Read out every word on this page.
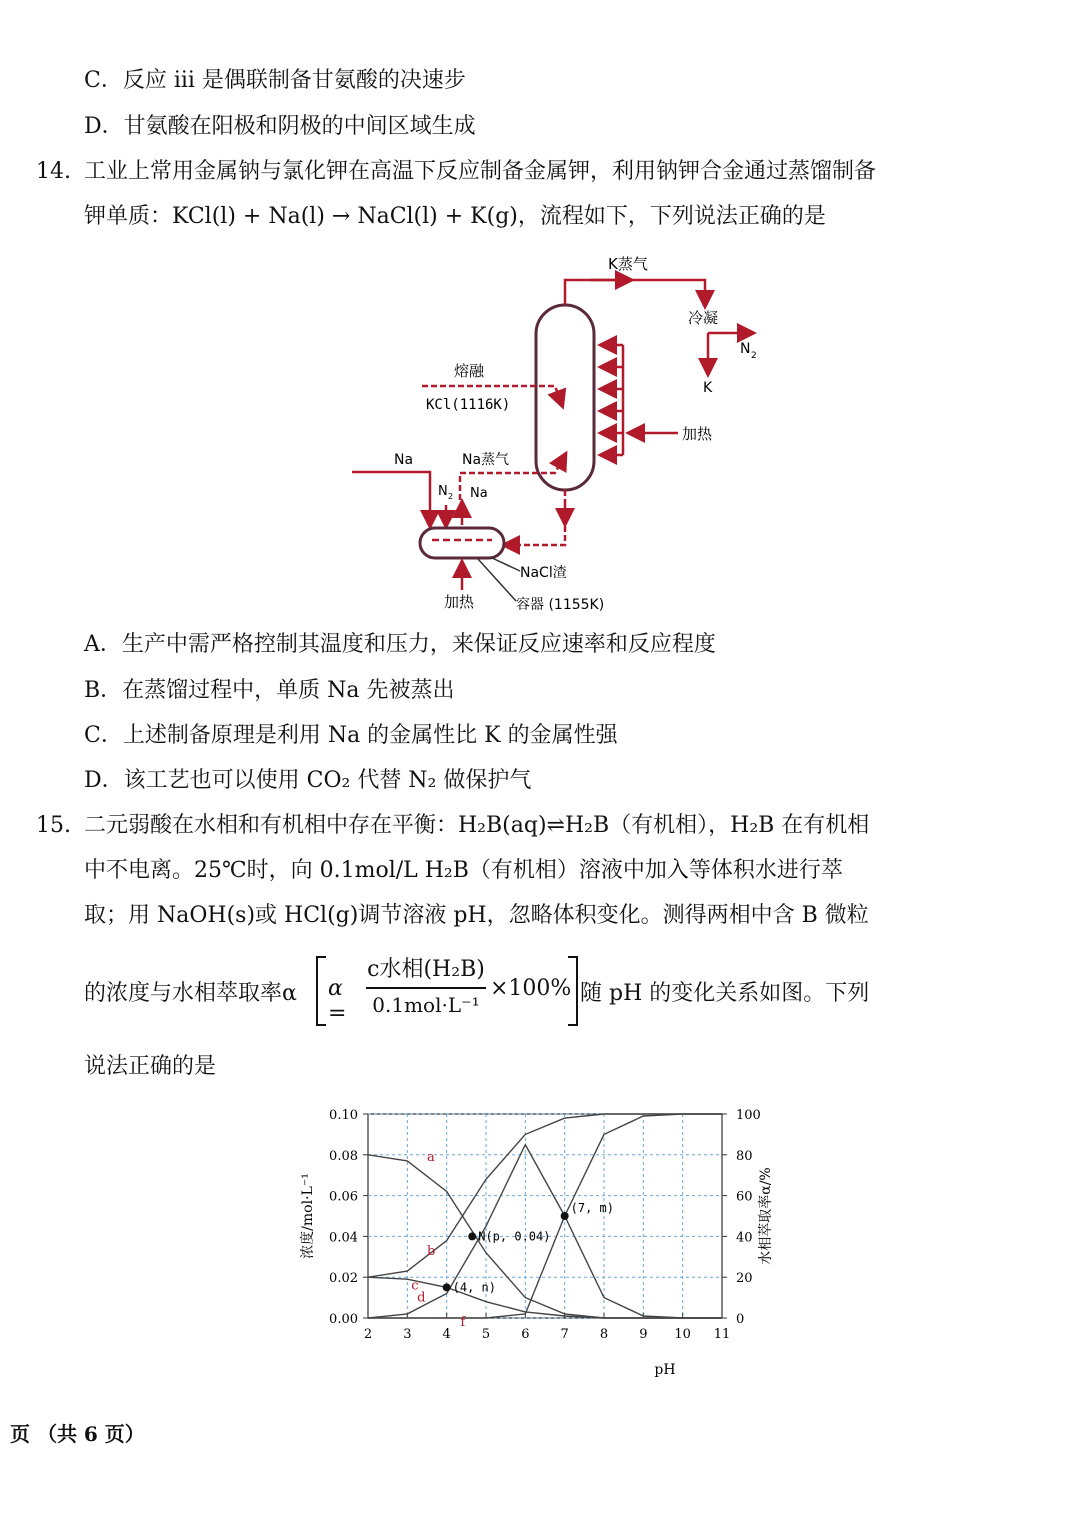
C．反应 iii 是偶联制备甘氨酸的决速步
D．甘氨酸在阳极和阴极的中间区域生成
14. 工业上常用金属钠与氯化钾在高温下反应制备金属钾，利用钠钾合金通过蒸馏制备
钾单质：KCl(l) + Na(l) → NaCl(l) + K(g)，流程如下，下列说法正确的是
K蒸气
冷凝
N 2
K
加热
熔融
KCl(1116K)
Na蒸气
Na
N 2 Na
加热
NaCl渣
容器 (1155K)
A．生产中需严格控制其温度和压力，来保证反应速率和反应程度
B．在蒸馏过程中，单质 Na 先被蒸出
C．上述制备原理是利用 Na 的金属性比 K 的金属性强
D．该工艺也可以使用 CO₂ 代替 N₂ 做保护气
15. 二元弱酸在水相和有机相中存在平衡：H₂B(aq)⇌H₂B（有机相），H₂B 在有机相
中不电离。25℃时，向 0.1mol/L H₂B（有机相）溶液中加入等体积水进行萃
取；用 NaOH(s)或 HCl(g)调节溶液 pH，忽略体积变化。测得两相中含 B 微粒
的浓度与水相萃取率α α =
c水相(H₂B)
0.1mol·L⁻¹
×100% 随 pH 的变化关系如图。下列
说法正确的是
2 3 4 5 6 7 8 9 10 11
0.00
0.02
0.04
0.06
0.08
0.10
0
20
40
60
80
100
pH
浓度/mol·L⁻¹	水相萃取率α/%
a
b
c
d
f
N(p, 0.04)
(4, n)
(7, m)
页 （共 6 页）
